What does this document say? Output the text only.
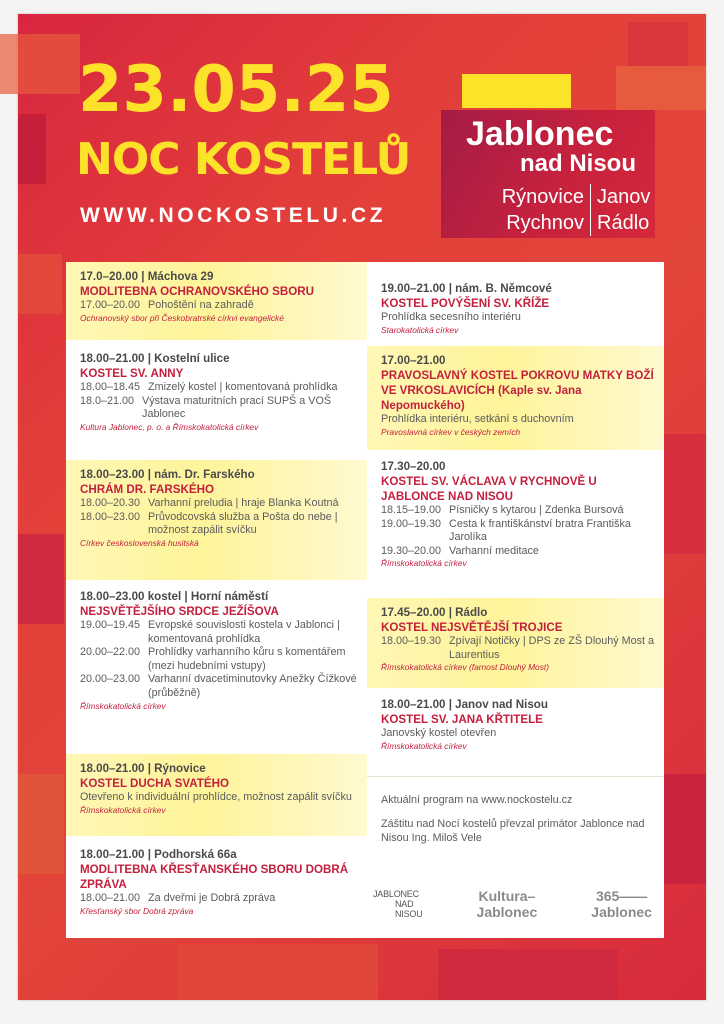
23.05.25
NOC KOSTELŮ
WWW.NOCKOSTELU.CZ
Jablonec
nad Nisou
Rýnovice Janov
Rychnov Rádlo
17.0–20.00 | Máchova 29
MODLITEBNA OCHRANOVSKÉHO SBORU
17.00–20.00 Pohoštění na zahradě
Ochranovský sbor při Českobratrské církvi evangelické
18.00–21.00 | Kostelní ulice
KOSTEL SV. ANNY
18.00–18.45 Zmizelý kostel | komentovaná prohlídka
18.0–21.00 Výstava maturitních prací SUPŠ a VOŠ Jablonec
Kultura Jablonec, p. o. a Římskokatolická církev
18.00–23.00 | nám. Dr. Farského
CHRÁM DR. FARSKÉHO
18.00–20.30 Varhanní preludia | hraje Blanka Koutná
18.00–23.00 Průvodcovská služba a Pošta do nebe | možnost zapálit svíčku
Církev československá husitská
18.00–23.00 kostel | Horní náměstí
NEJSVĚTĚJŠÍHO SRDCE JEŽÍŠOVA
19.00–19.45 Evropské souvislosti kostela v Jablonci | komentovaná prohlídka
20.00–22.00 Prohlídky varhanního kůru s komentářem (mezi hudebními vstupy)
20.00–23.00 Varhanní dvacetiminutovky Anežky Čížkové (průběžně)
Římskokatolická církev
18.00–21.00 | Rýnovice
KOSTEL DUCHA SVATÉHO
Otevřeno k individuální prohlídce, možnost zapálit svíčku
Římskokatolická církev
18.00–21.00 | Podhorská 66a
MODLITEBNA KŘESŤANSKÉHO SBORU DOBRÁ ZPRÁVA
18.00–21.00 Za dveřmi je Dobrá zpráva
Křesťanský sbor Dobrá zpráva
19.00–21.00 | nám. B. Němcové
KOSTEL POVÝŠENÍ SV. KŘÍŽE
Prohlídka secesního interiéru
Starokatolická církev
17.00–21.00
PRAVOSLAVNÝ KOSTEL POKROVU MATKY BOŽÍ VE VRKOSLAVICÍCH (Kaple sv. Jana Nepomuckého)
Prohlídka interiéru, setkání s duchovním
Pravoslavná církev v českých zemích
17.30–20.00
KOSTEL SV. VÁCLAVA V RYCHNOVĚ U JABLONCE NAD NISOU
18.15–19.00 Písničky s kytarou | Zdenka Bursová
19.00–19.30 Cesta k františkánství bratra Františka Jarolíka
19.30–20.00 Varhanní meditace
Římskokatolická církev
17.45–20.00 | Rádlo
KOSTEL NEJSVĚTĚJŠÍ TROJICE
18.00–19.30 Zpívají Notičky | DPS ze ZŠ Dlouhý Most a Laurentius
Římskokatolická církev (farnost Dlouhý Most)
18.00–21.00 | Janov nad Nisou
KOSTEL SV. JANA KŘTITELE
Janovský kostel otevřen
Římskokatolická církev
Aktuální program na www.nockostelu.cz
Záštitu nad Nocí kostelů převzal primátor Jablonce nad Nisou Ing. Miloš Vele
JABLONEC
NAD
NISOU
Kultura–
Jablonec
365——
Jablonec
